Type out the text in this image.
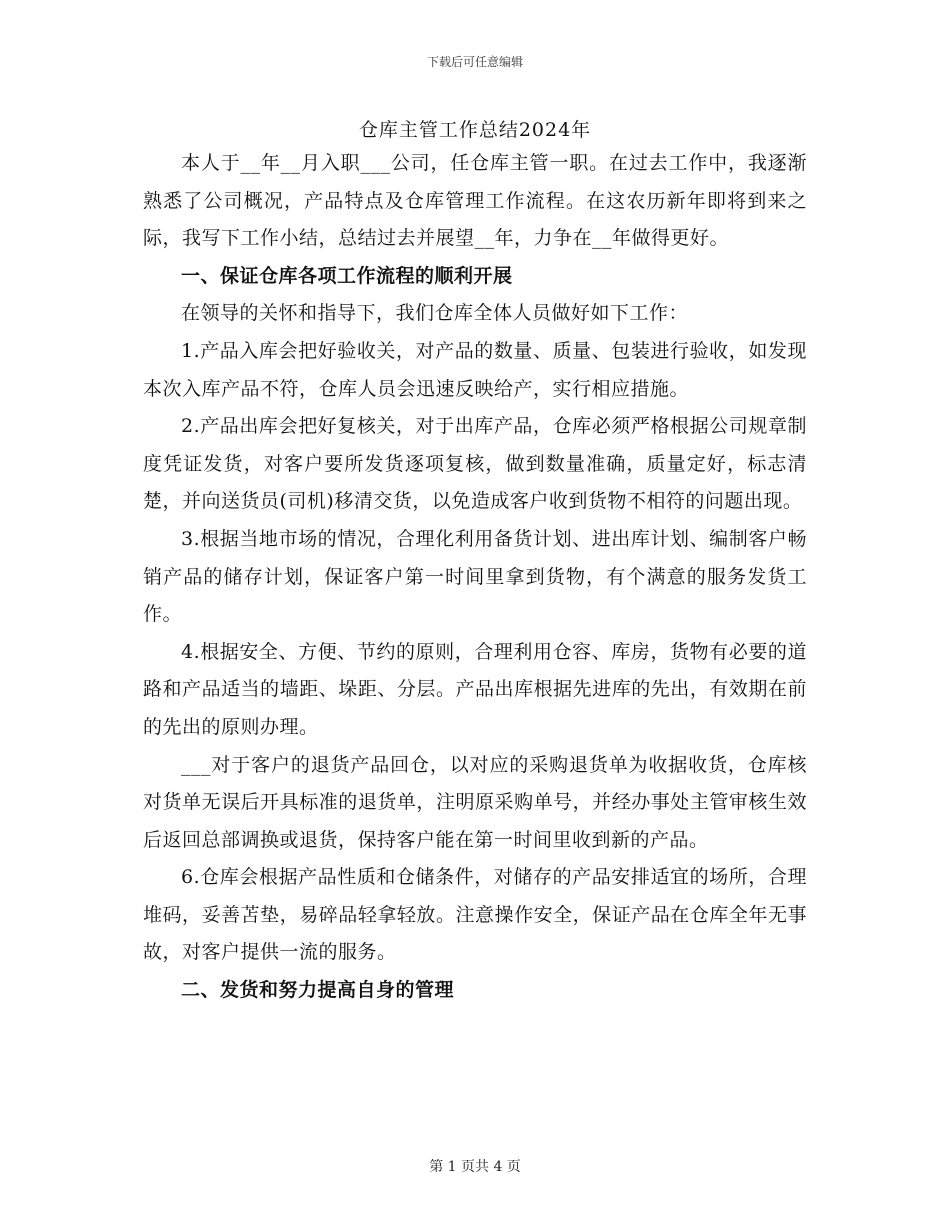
下载后可任意编辑
仓库主管工作总结2024年

本人于__年__月入职___公司，任仓库主管一职。在过去工作中，我逐渐熟悉了公司概况，产品特点及仓库管理工作流程。在这农历新年即将到来之际，我写下工作小结，总结过去并展望__年，力争在__年做得更好。

一、保证仓库各项工作流程的顺利开展

在领导的关怀和指导下，我们仓库全体人员做好如下工作：

1.产品入库会把好验收关，对产品的数量、质量、包装进行验收，如发现本次入库产品不符，仓库人员会迅速反映给产，实行相应措施。

2.产品出库会把好复核关，对于出库产品，仓库必须严格根据公司规章制度凭证发货，对客户要所发货逐项复核，做到数量准确，质量定好，标志清楚，并向送货员(司机)移清交货，以免造成客户收到货物不相符的问题出现。

3.根据当地市场的情况，合理化利用备货计划、进出库计划、编制客户畅销产品的储存计划，保证客户第一时间里拿到货物，有个满意的服务发货工作。

4.根据安全、方便、节约的原则，合理利用仓容、库房，货物有必要的道路和产品适当的墙距、垛距、分层。产品出库根据先进库的先出，有效期在前的先出的原则办理。

___对于客户的退货产品回仓，以对应的采购退货单为收据收货，仓库核对货单无误后开具标准的退货单，注明原采购单号，并经办事处主管审核生效后返回总部调换或退货，保持客户能在第一时间里收到新的产品。

6.仓库会根据产品性质和仓储条件，对储存的产品安排适宜的场所，合理堆码，妥善苫垫，易碎品轻拿轻放。注意操作安全，保证产品在仓库全年无事故，对客户提供一流的服务。

二、发货和努力提高自身的管理

第 1 页共 4 页
